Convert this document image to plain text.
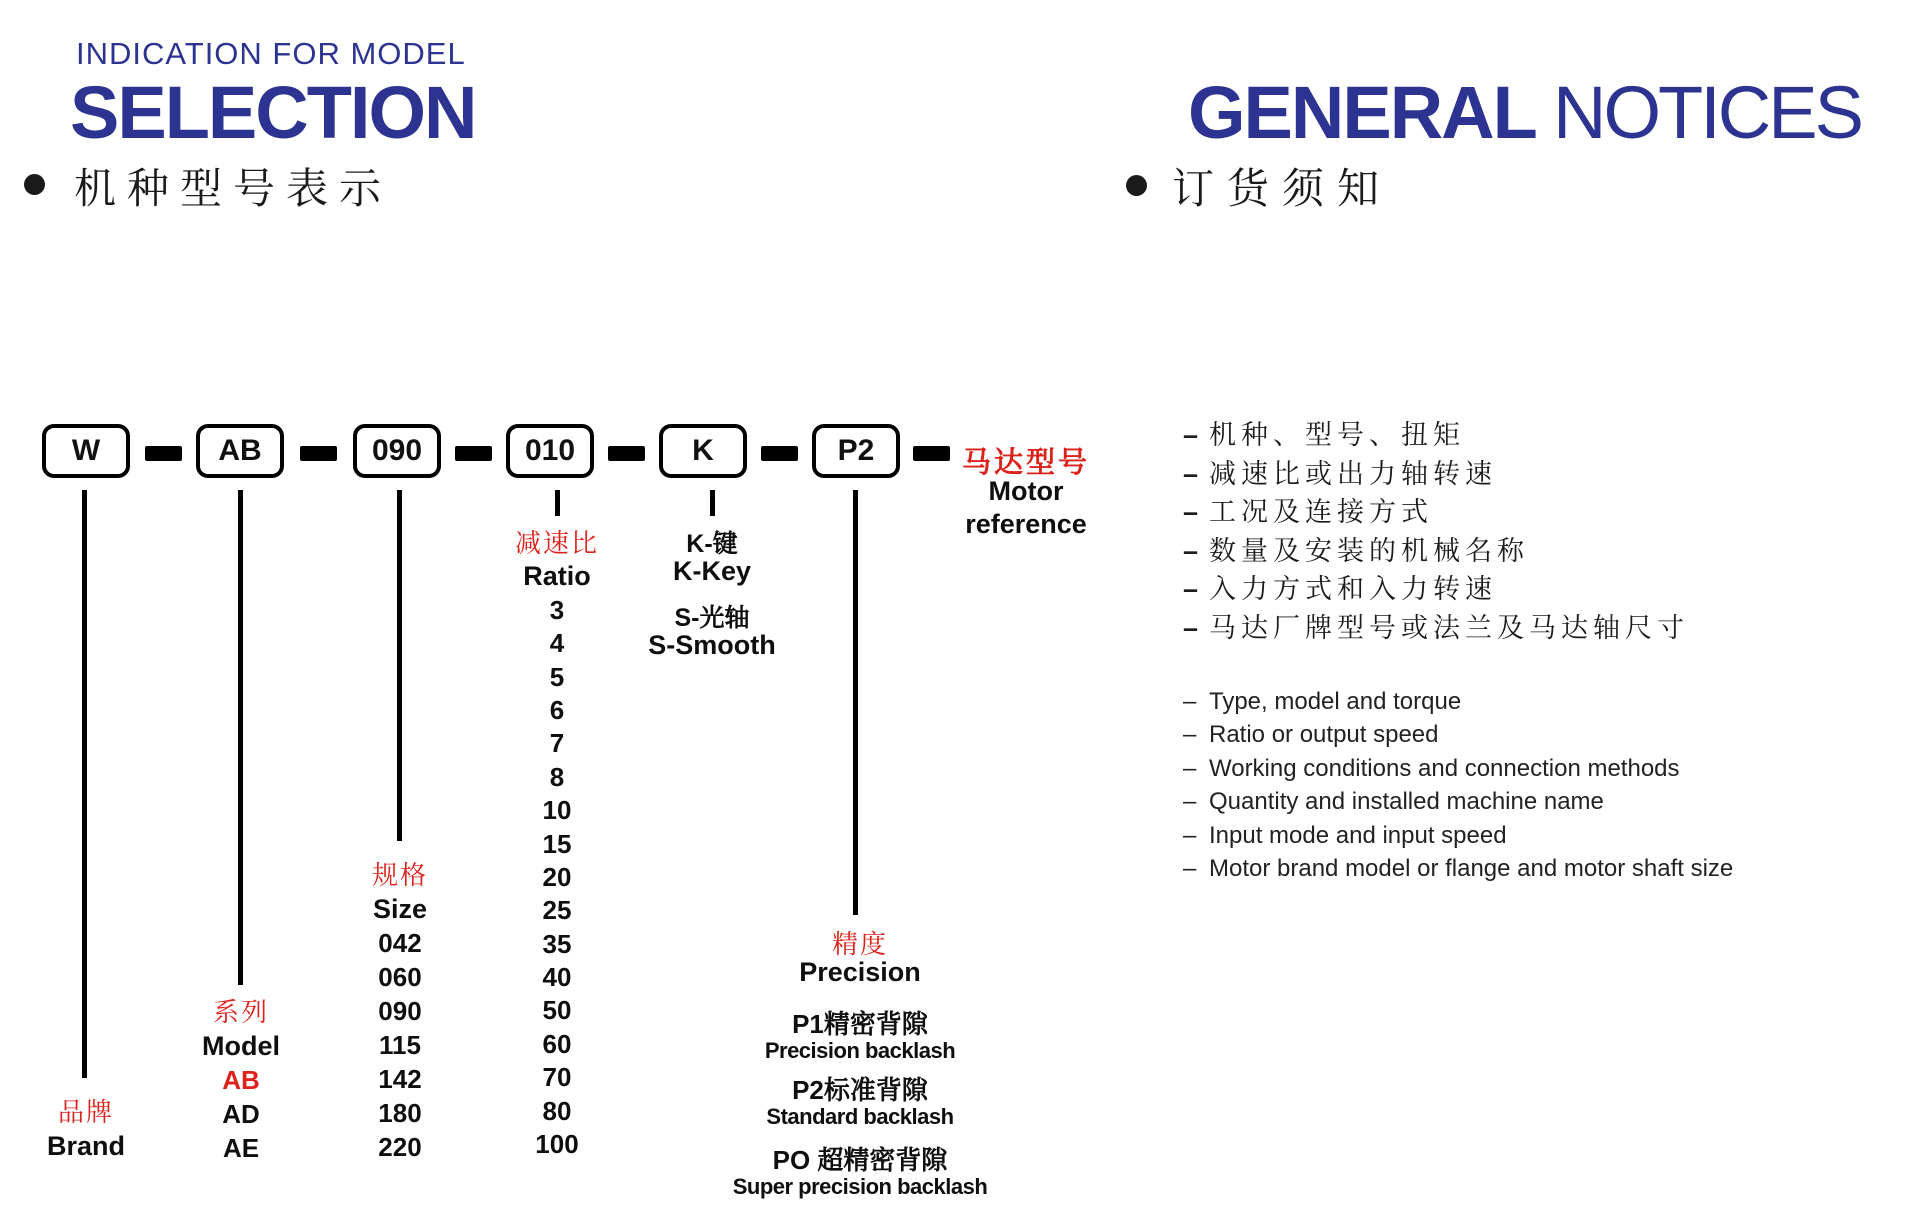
INDICATION FOR MODEL
SELECTION
机种型号表示
GENERAL NOTICES
订货须知
W	AB	090	010	K	P2	马达型号
Motor
reference
品牌
Brand
系列
Model
AB
AD
AE
规格
Size
042
060
090
115
142
180
220
减速比
Ratio
3
4
5
6
7
8
10
15
20
25
35
40
50
60
70
80
100
K-键
K-Key
S-光轴
S-Smooth
精度
Precision
P1精密背隙
Precision backlash
P2标准背隙
Standard backlash
PO 超精密背隙
Super precision backlash
– 机种、型号、扭矩
– 减速比或出力轴转速
– 工况及连接方式
– 数量及安装的机械名称
– 入力方式和入力转速
– 马达厂牌型号或法兰及马达轴尺寸
– Type, model and torque
– Ratio or output speed
– Working conditions and connection methods
– Quantity and installed machine name
– Input mode and input speed
– Motor brand model or flange and motor shaft size
